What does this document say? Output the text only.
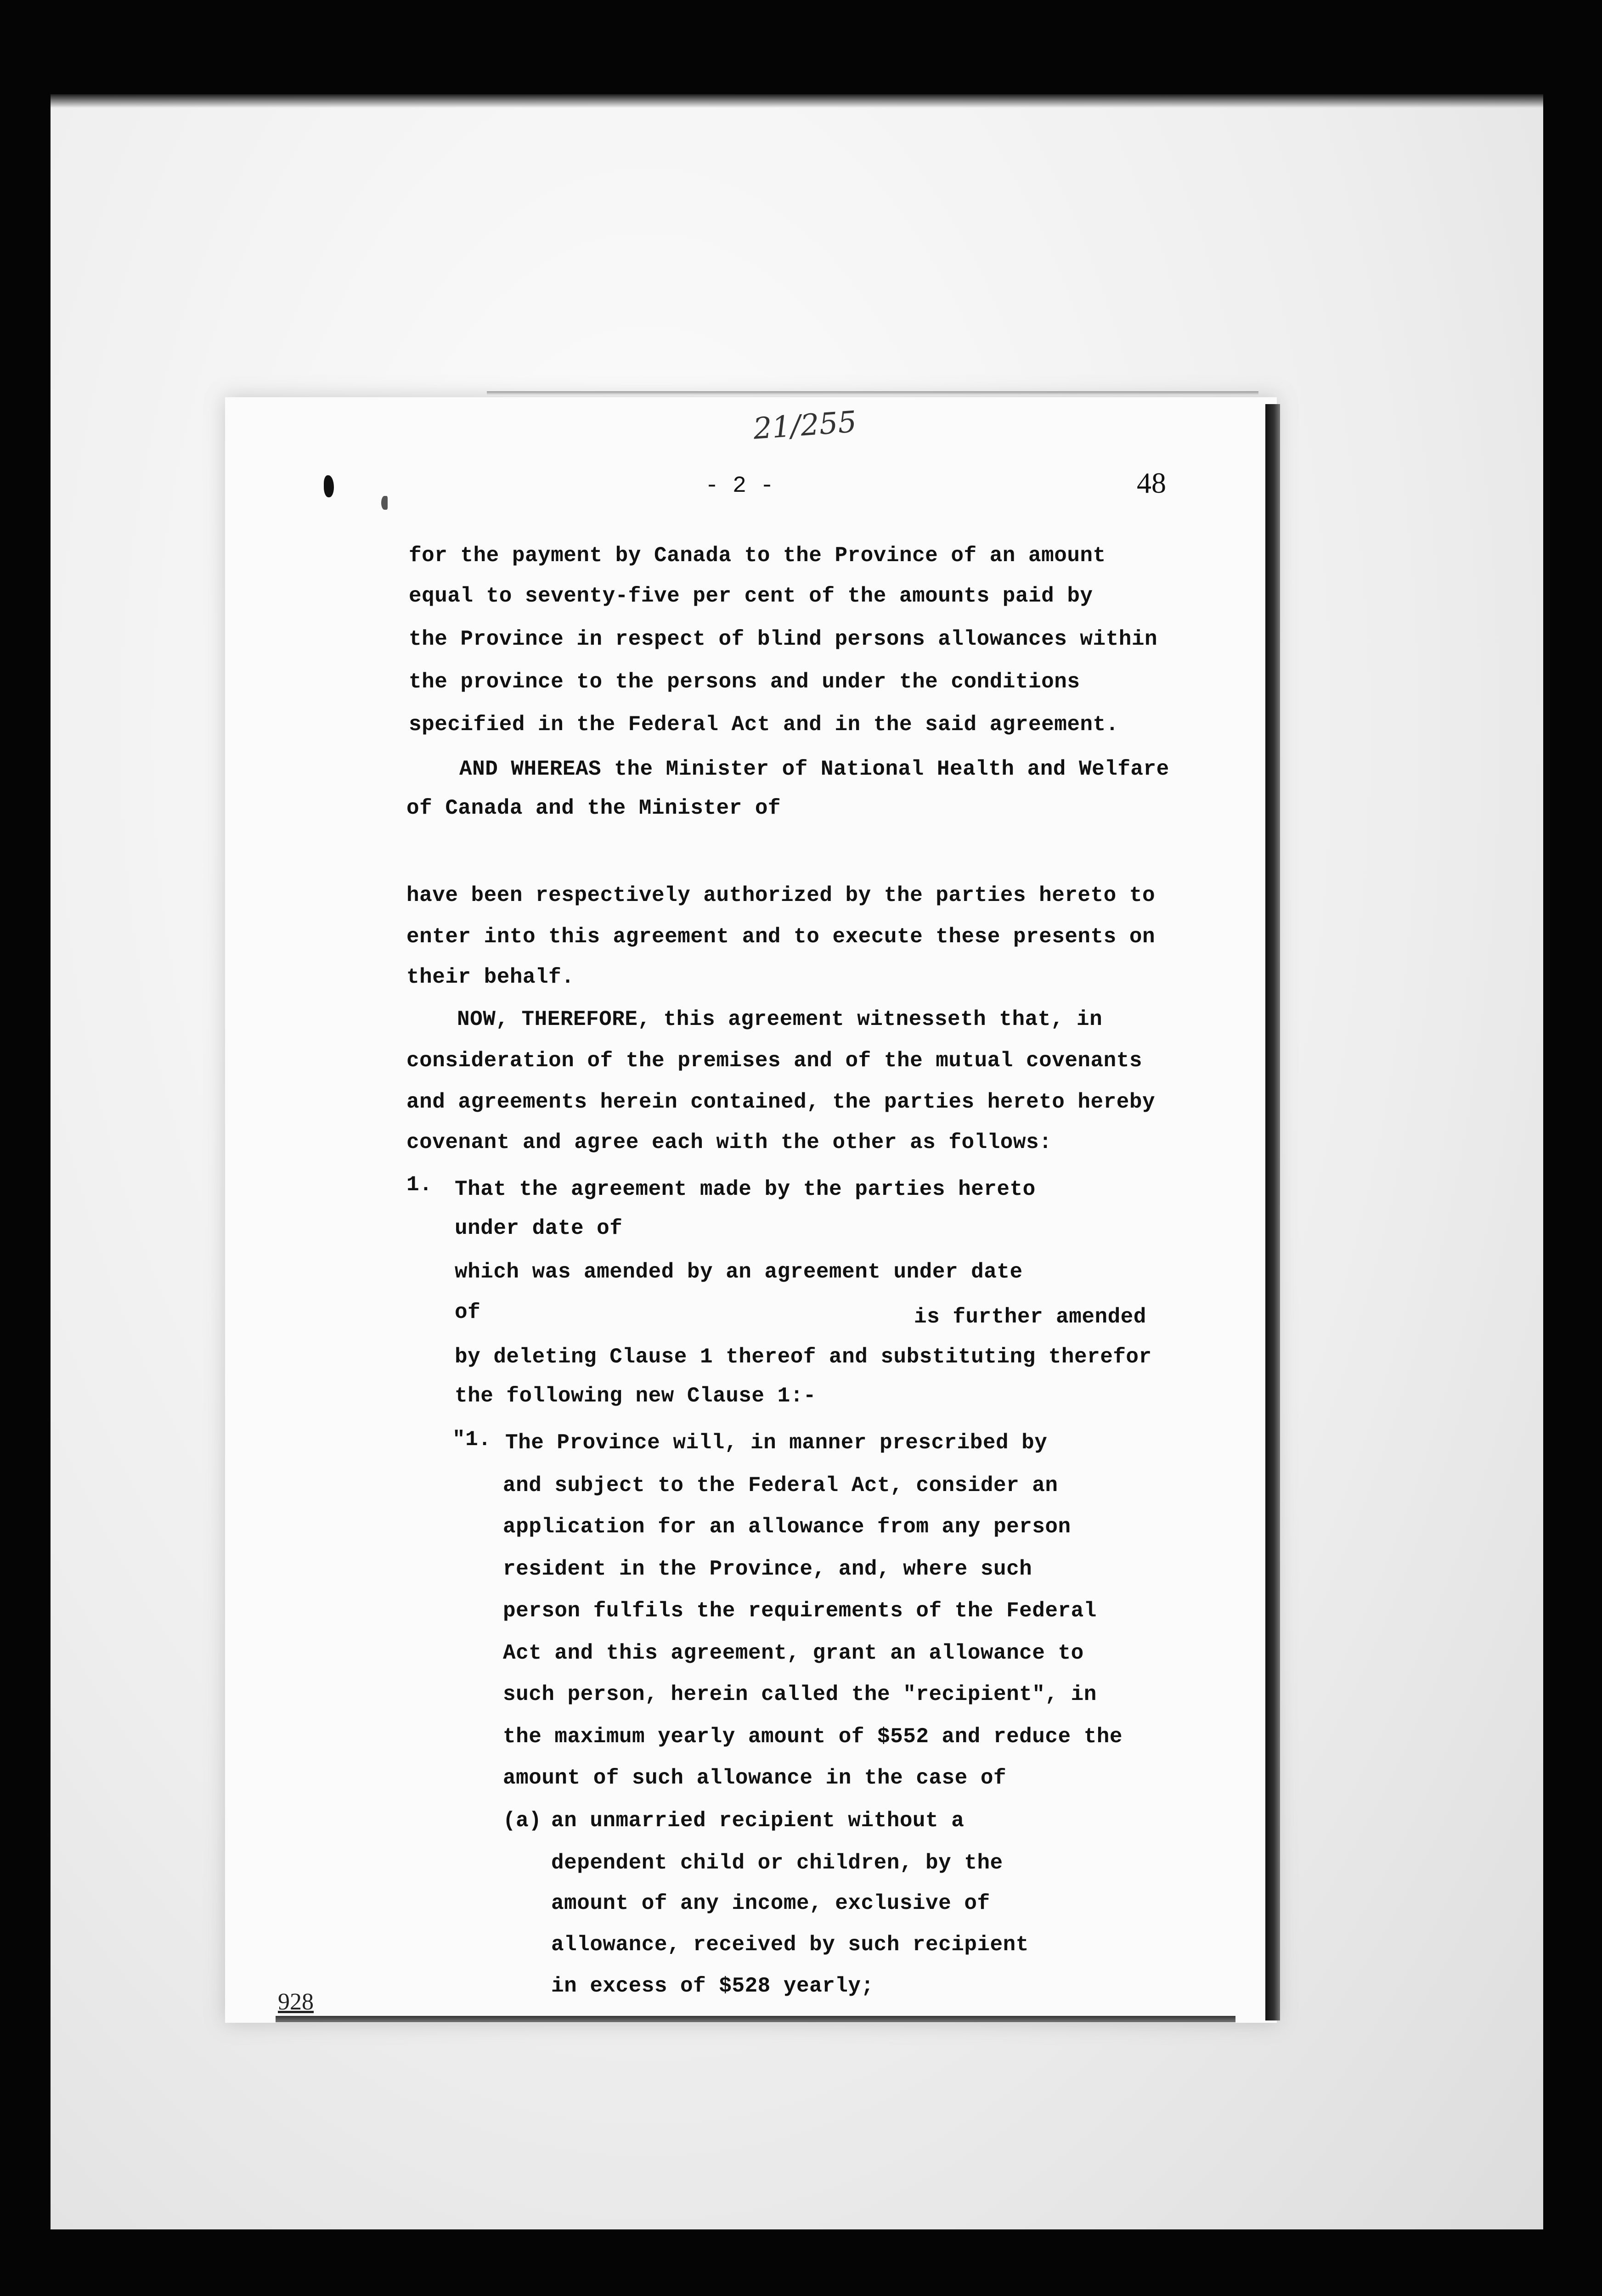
21/255
- 2 -	48
for the payment by Canada to the Province of an amount
equal to seventy-five per cent of the amounts paid by
the Province in respect of blind persons allowances within
the province to the persons and under the conditions
specified in the Federal Act and in the said agreement.
AND WHEREAS the Minister of National Health and Welfare
of Canada and the Minister of
have been respectively authorized by the parties hereto to
enter into this agreement and to execute these presents on
their behalf.
NOW, THEREFORE, this agreement witnesseth that, in
consideration of the premises and of the mutual covenants
and agreements herein contained, the parties hereto hereby
covenant and agree each with the other as follows:
1. That the agreement made by the parties hereto
under date of
which was amended by an agreement under date
of	is further amended
by deleting Clause 1 thereof and substituting therefor
the following new Clause 1:-
"1. The Province will, in manner prescribed by
and subject to the Federal Act, consider an
application for an allowance from any person
resident in the Province, and, where such
person fulfils the requirements of the Federal
Act and this agreement, grant an allowance to
such person, herein called the "recipient", in
the maximum yearly amount of $552 and reduce the
amount of such allowance in the case of
(a) an unmarried recipient without a
dependent child or children, by the
amount of any income, exclusive of
allowance, received by such recipient
in excess of $528 yearly;
928
